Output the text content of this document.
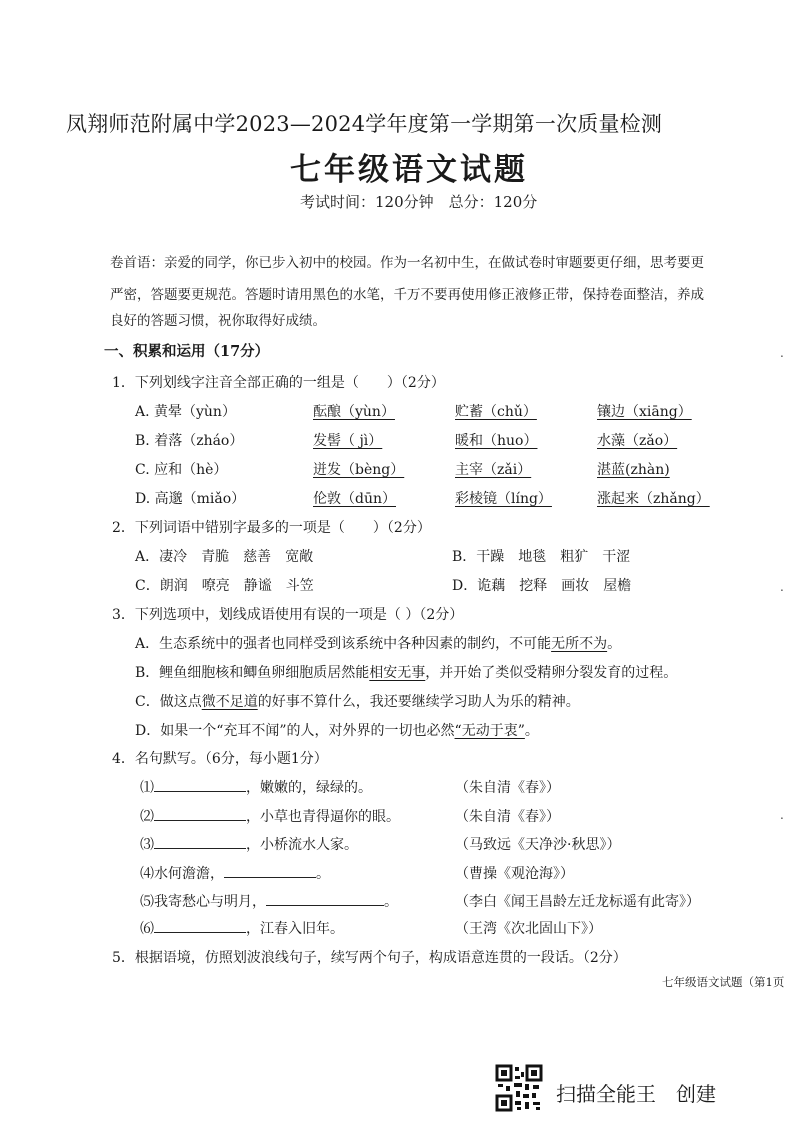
凤翔师范附属中学2023—2024学年度第一学期第一次质量检测
七年级语文试题
考试时间：120分钟　总分：120分
卷首语：亲爱的同学，你已步入初中的校园。作为一名初中生，在做试卷时审题要更仔细，思考要更
严密，答题要更规范。答题时请用黑色的水笔，千万不要再使用修正液修正带，保持卷面整洁，养成
良好的答题习惯，祝你取得好成绩。
一、积累和运用（17分）
1．下列划线字注音全部正确的一组是（　　）（2分）
A. 黄晕（yùn）	酝酿（yùn）	贮蓄（chǔ）	镶边（xiāng）
B. 着落（zháo）	发髻（ jì）	暖和（huo）	水藻（zǎo）
C. 应和（hè）	迸发（bèng）	主宰（zǎi）	湛蓝(zhàn)
D. 高邈（miǎo）	伦敦（dūn）	彩棱镜（líng）	涨起来（zhǎng）
2．下列词语中错别字最多的一项是（　　）（2分）
A．凄冷　青脆　慈善　宽敞	B．干躁　地毯　粗犷　干涩
C．朗润　嘹亮　静谧　斗笠	D．诡藕　挖释　画妆　屋檐
3．下列选项中，划线成语使用有误的一项是（ ）（2分）
A．生态系统中的强者也同样受到该系统中各种因素的制约，不可能无所不为。
B．鲤鱼细胞核和鲫鱼卵细胞质居然能相安无事，并开始了类似受精卵分裂发育的过程。
C．做这点微不足道的好事不算什么，我还要继续学习助人为乐的精神。
D．如果一个“充耳不闻”的人，对外界的一切也必然“无动于衷”。
4．名句默写。（6分，每小题1分）
⑴	，嫩嫩的，绿绿的。	（朱自清《春》）
⑵	，小草也青得逼你的眼。	（朱自清《春》）
⑶	，小桥流水人家。	（马致远《天净沙·秋思》）
⑷水何澹澹，	。	（曹操《观沧海》）
⑸我寄愁心与明月，	。	（李白《闻王昌龄左迁龙标遥有此寄》）
⑹	，江春入旧年。	（王湾《次北固山下》）
5．根据语境，仿照划波浪线句子，续写两个句子，构成语意连贯的一段话。（2分）
七年级语文试题（第1页
.
.
.
扫描全能王　创建
